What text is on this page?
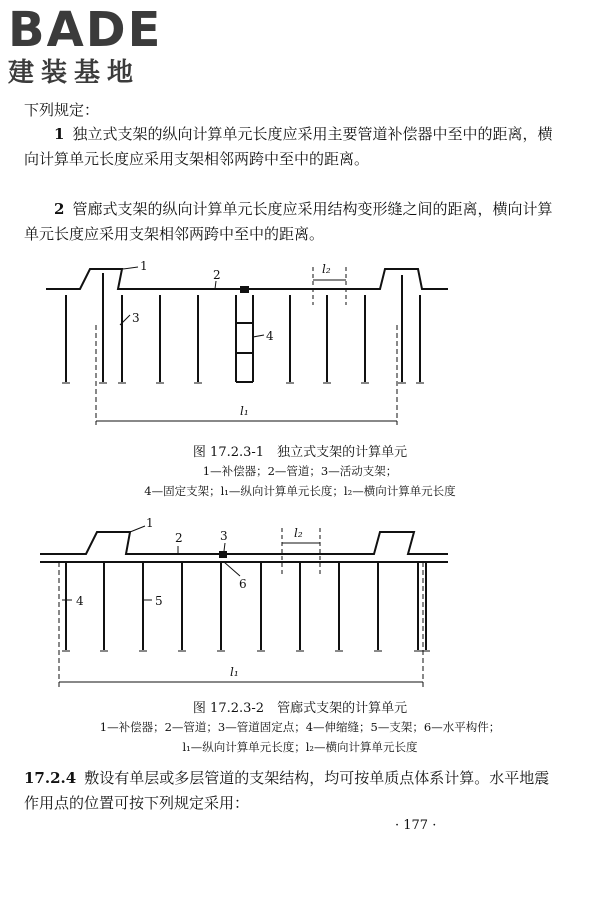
BADE
建装基地

下列规定：

1 独立式支架的纵向计算单元长度应采用主要管道补偿器中至中的距离，横向计算单元长度应采用支架相邻两跨中至中的距离。

2 管廊式支架的纵向计算单元长度应采用结构变形缝之间的距离，横向计算单元长度应采用支架相邻两跨中至中的距离。

1
2
3
4
l₂
l₁
图 17.2.3-1　独立式支架的计算单元
1—补偿器；2—管道；3—活动支架；
4—固定支架；l₁—纵向计算单元长度；l₂—横向计算单元长度
1
2	3
4	5
6
l₂
l₁
图 17.2.3-2　管廊式支架的计算单元
1—补偿器；2—管道；3—管道固定点；4—伸缩缝；5—支架；6—水平构件；
l₁—纵向计算单元长度；l₂—横向计算单元长度

17.2.4 敷设有单层或多层管道的支架结构，均可按单质点体系计算。水平地震作用点的位置可按下列规定采用：

· 177 ·
